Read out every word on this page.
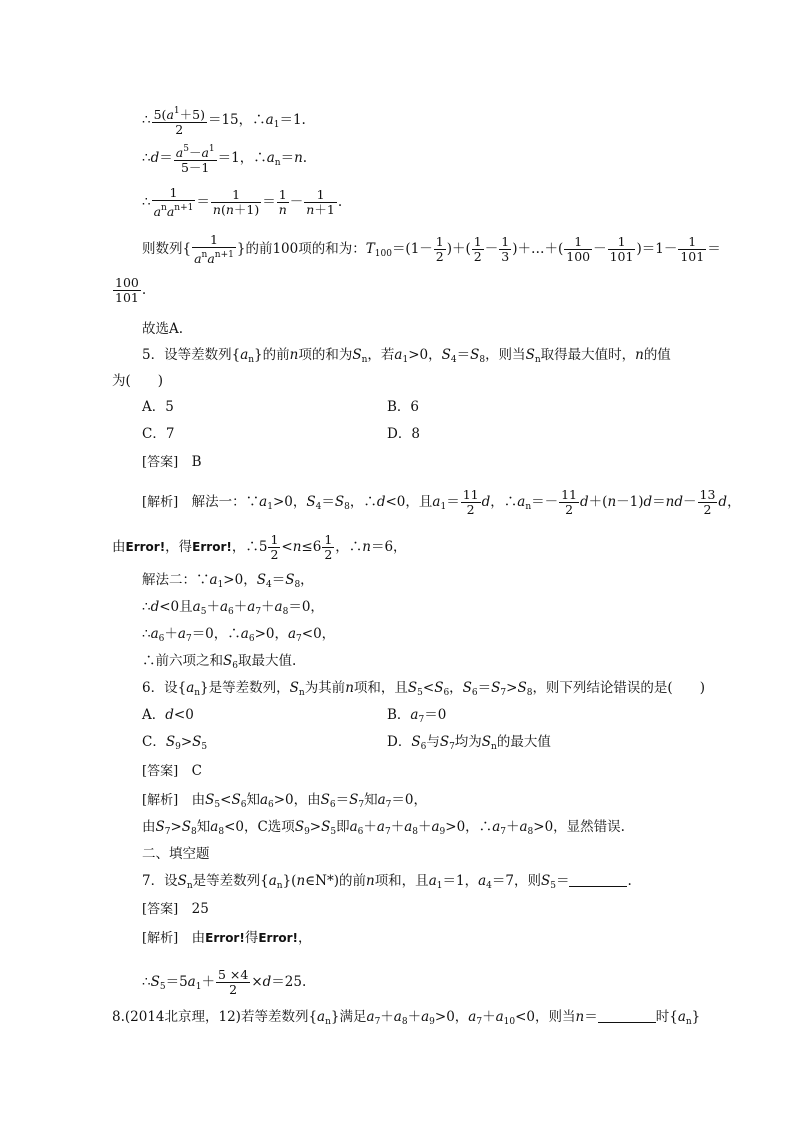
∴ $\frac{5(a^1+5)}{2} =15$，$\therefore a_1=1$.
∴d＝ $\frac{a^5-a^1}{5-1} =1$，$\therefore a_n=n$.
∴ $\frac{1}{a^na^{n+1}} = \frac{1}{n(n+1)} = \frac{1}{n} - \frac{1}{n+1}$ .
则数列{ $\frac{1}{a^na^{n+1}}$ }的前100项的和为：$T_{100}=(1- \frac{1}{2}$ )＋( $\frac{1}{2} - \frac{1}{3}$ )＋…＋( $\frac{1}{100} - \frac{1}{101} )=1- \frac{1}{101}$ ＝
$\frac{100}{101}$ .
故选A.
5．设等差数列$\{a_n\}$的前n项的和为$S_n$，若$a_1>0$，$S_4=S_8$，则当$S_n$取得最大值时，n的值
为(　　)
A．5	B．6
C．7	D．8
[答案]　 B
[解析]　解法一：$\because a_1>0$，$S_4=S_8$，∴d<0，且$a_1= \frac{11}{2}$ d，$\therefore a_n=- \frac{11}{2} d+(n-1)d=nd- \frac{13}{2}$ d，
由Error!，得Error!，∴5 $\frac{1}{2} <n\le 6 \frac{1}{2}$ ，∴n＝6，
解法二：$\because a_1>0$，$S_4=S_8$，
∴d<0且$a_5+a_6+a_7+a_8=0$，
$\therefore a_6+a_7=0$，$\therefore a_6>0$，$a_7<0$，
∴前六项之和$S_6$取最大值.
6．设$\{a_n\}$是等差数列，$S_n$为其前n项和，且$S_5<S_6$，$S_6=S_7>S_8$，则下列结论错误的是(　　)
A．d<0	B．$a_7=0$
C．$S_9>S_5$	D．$S_6$与$S_7$均为$S_n$的最大值
[答案]　 C
[解析]　由$S_5<S_6$知$a_6>0$，由$S_6=S_7$知$a_7=0$，
由$S_7>S_8$知$a_8<0$，C选项$S_9>S_5$即$a_6+a_7+a_8+a_9>0$，$\therefore a_7+a_8>0$，显然错误.
二、填空题
7．设$S_n$是等差数列$\{a_n\}(n\in N*)$的前n项和，且$a_1=1$，$a_4=7$，则$S_5=$	.
[答案]　 25
[解析]　由Error!得Error!，
$\therefore S_5=5a_1+ \frac{5 \times 4}{2} \times d=25$.
8.(2014北京理，12)若等差数列$\{a_n\}$满足$a_7+a_8+a_9>0$，$a_7+a_{10}<0$，则当n＝	时$\{a_n\}$
